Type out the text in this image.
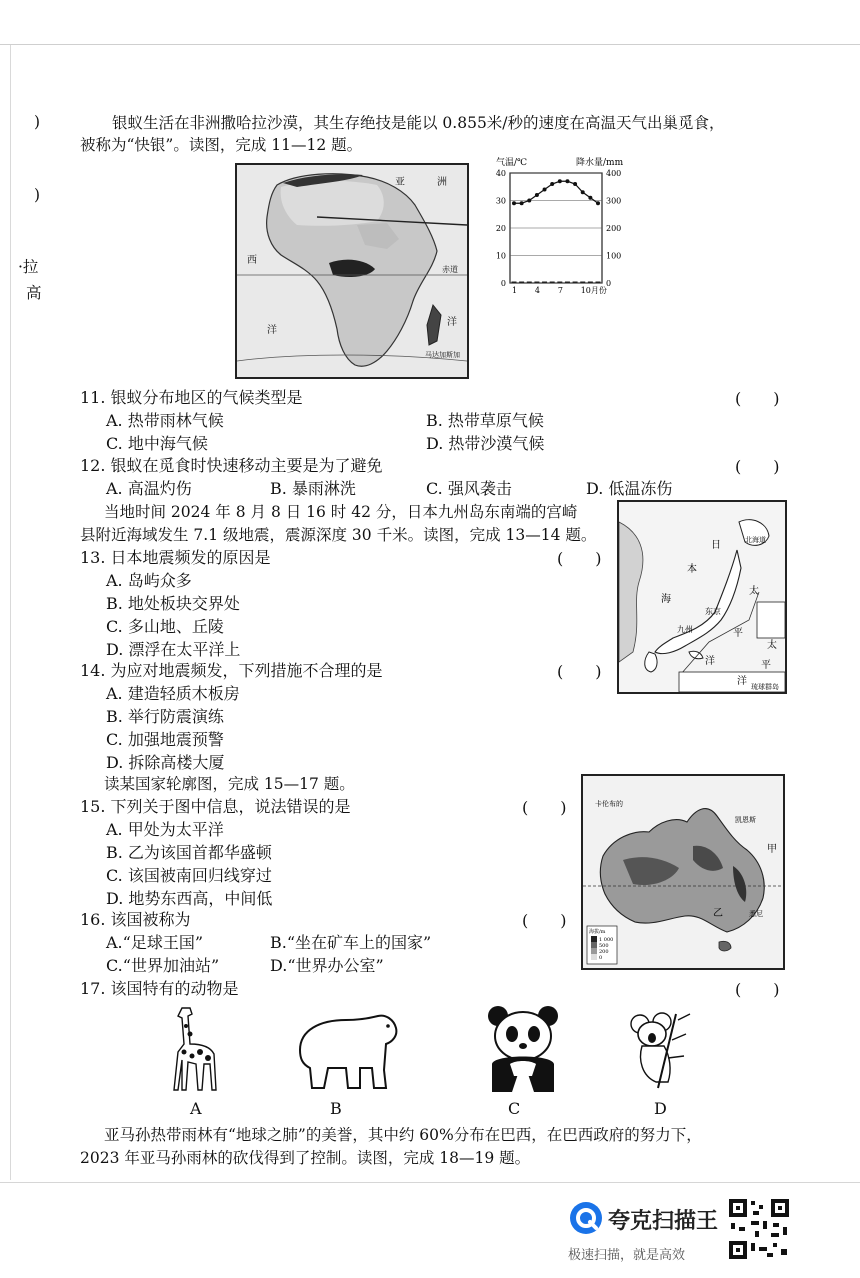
)
)
·拉
高
银蚁生活在非洲撒哈拉沙漠，其生存绝技是能以 0.855米/秒的速度在高温天气出巢觅食，
被称为“快银”。读图，完成 11—12 题。
亚	洲
西
赤道
洋
洋
马达加斯加
气温/℃	降水量/mm
40
30
20
10
0
400
300
200
100
0
1 4 7 10月份
11. 银蚁分布地区的气候类型是	(　　)
A. 热带雨林气候	B. 热带草原气候
C. 地中海气候	D. 热带沙漠气候
12. 银蚁在觅食时快速移动主要是为了避免	(　　)
A. 高温灼伤	B. 暴雨淋洗	C. 强风袭击	D. 低温冻伤
当地时间 2024 年 8 月 8 日 16 时 42 分，日本九州岛东南端的宫崎
县附近海域发生 7.1 级地震，震源深度 30 千米。读图，完成 13—14 题。	北海道
日
本
海
太
东京
平
九州
洋
太
平
洋 琉球群岛
13. 日本地震频发的原因是	(　　)
A. 岛屿众多
B. 地处板块交界处
C. 多山地、丘陵
D. 漂浮在太平洋上
14. 为应对地震频发，下列措施不合理的是	(　　)
A. 建造轻质木板房
B. 举行防震演练
C. 加强地震预警
D. 拆除高楼大厦
读某国家轮廓图，完成 15—17 题。
卡伦布的
凯恩斯
甲
乙	悉尼
海拔/m
1 000
500
200
0
15. 下列关于图中信息，说法错误的是	(　　)
A. 甲处为太平洋
B. 乙为该国首都华盛顿
C. 该国被南回归线穿过
D. 地势东西高，中间低
16. 该国被称为	(　　)
A.“足球王国”	B.“坐在矿车上的国家”
C.“世界加油站”	D.“世界办公室”
17. 该国特有的动物是	(　　)
A	B	C	D
亚马孙热带雨林有“地球之肺”的美誉，其中约 60%分布在巴西，在巴西政府的努力下，
2023 年亚马孙雨林的砍伐得到了控制。读图，完成 18—19 题。
夸克扫描王
极速扫描，就是高效
